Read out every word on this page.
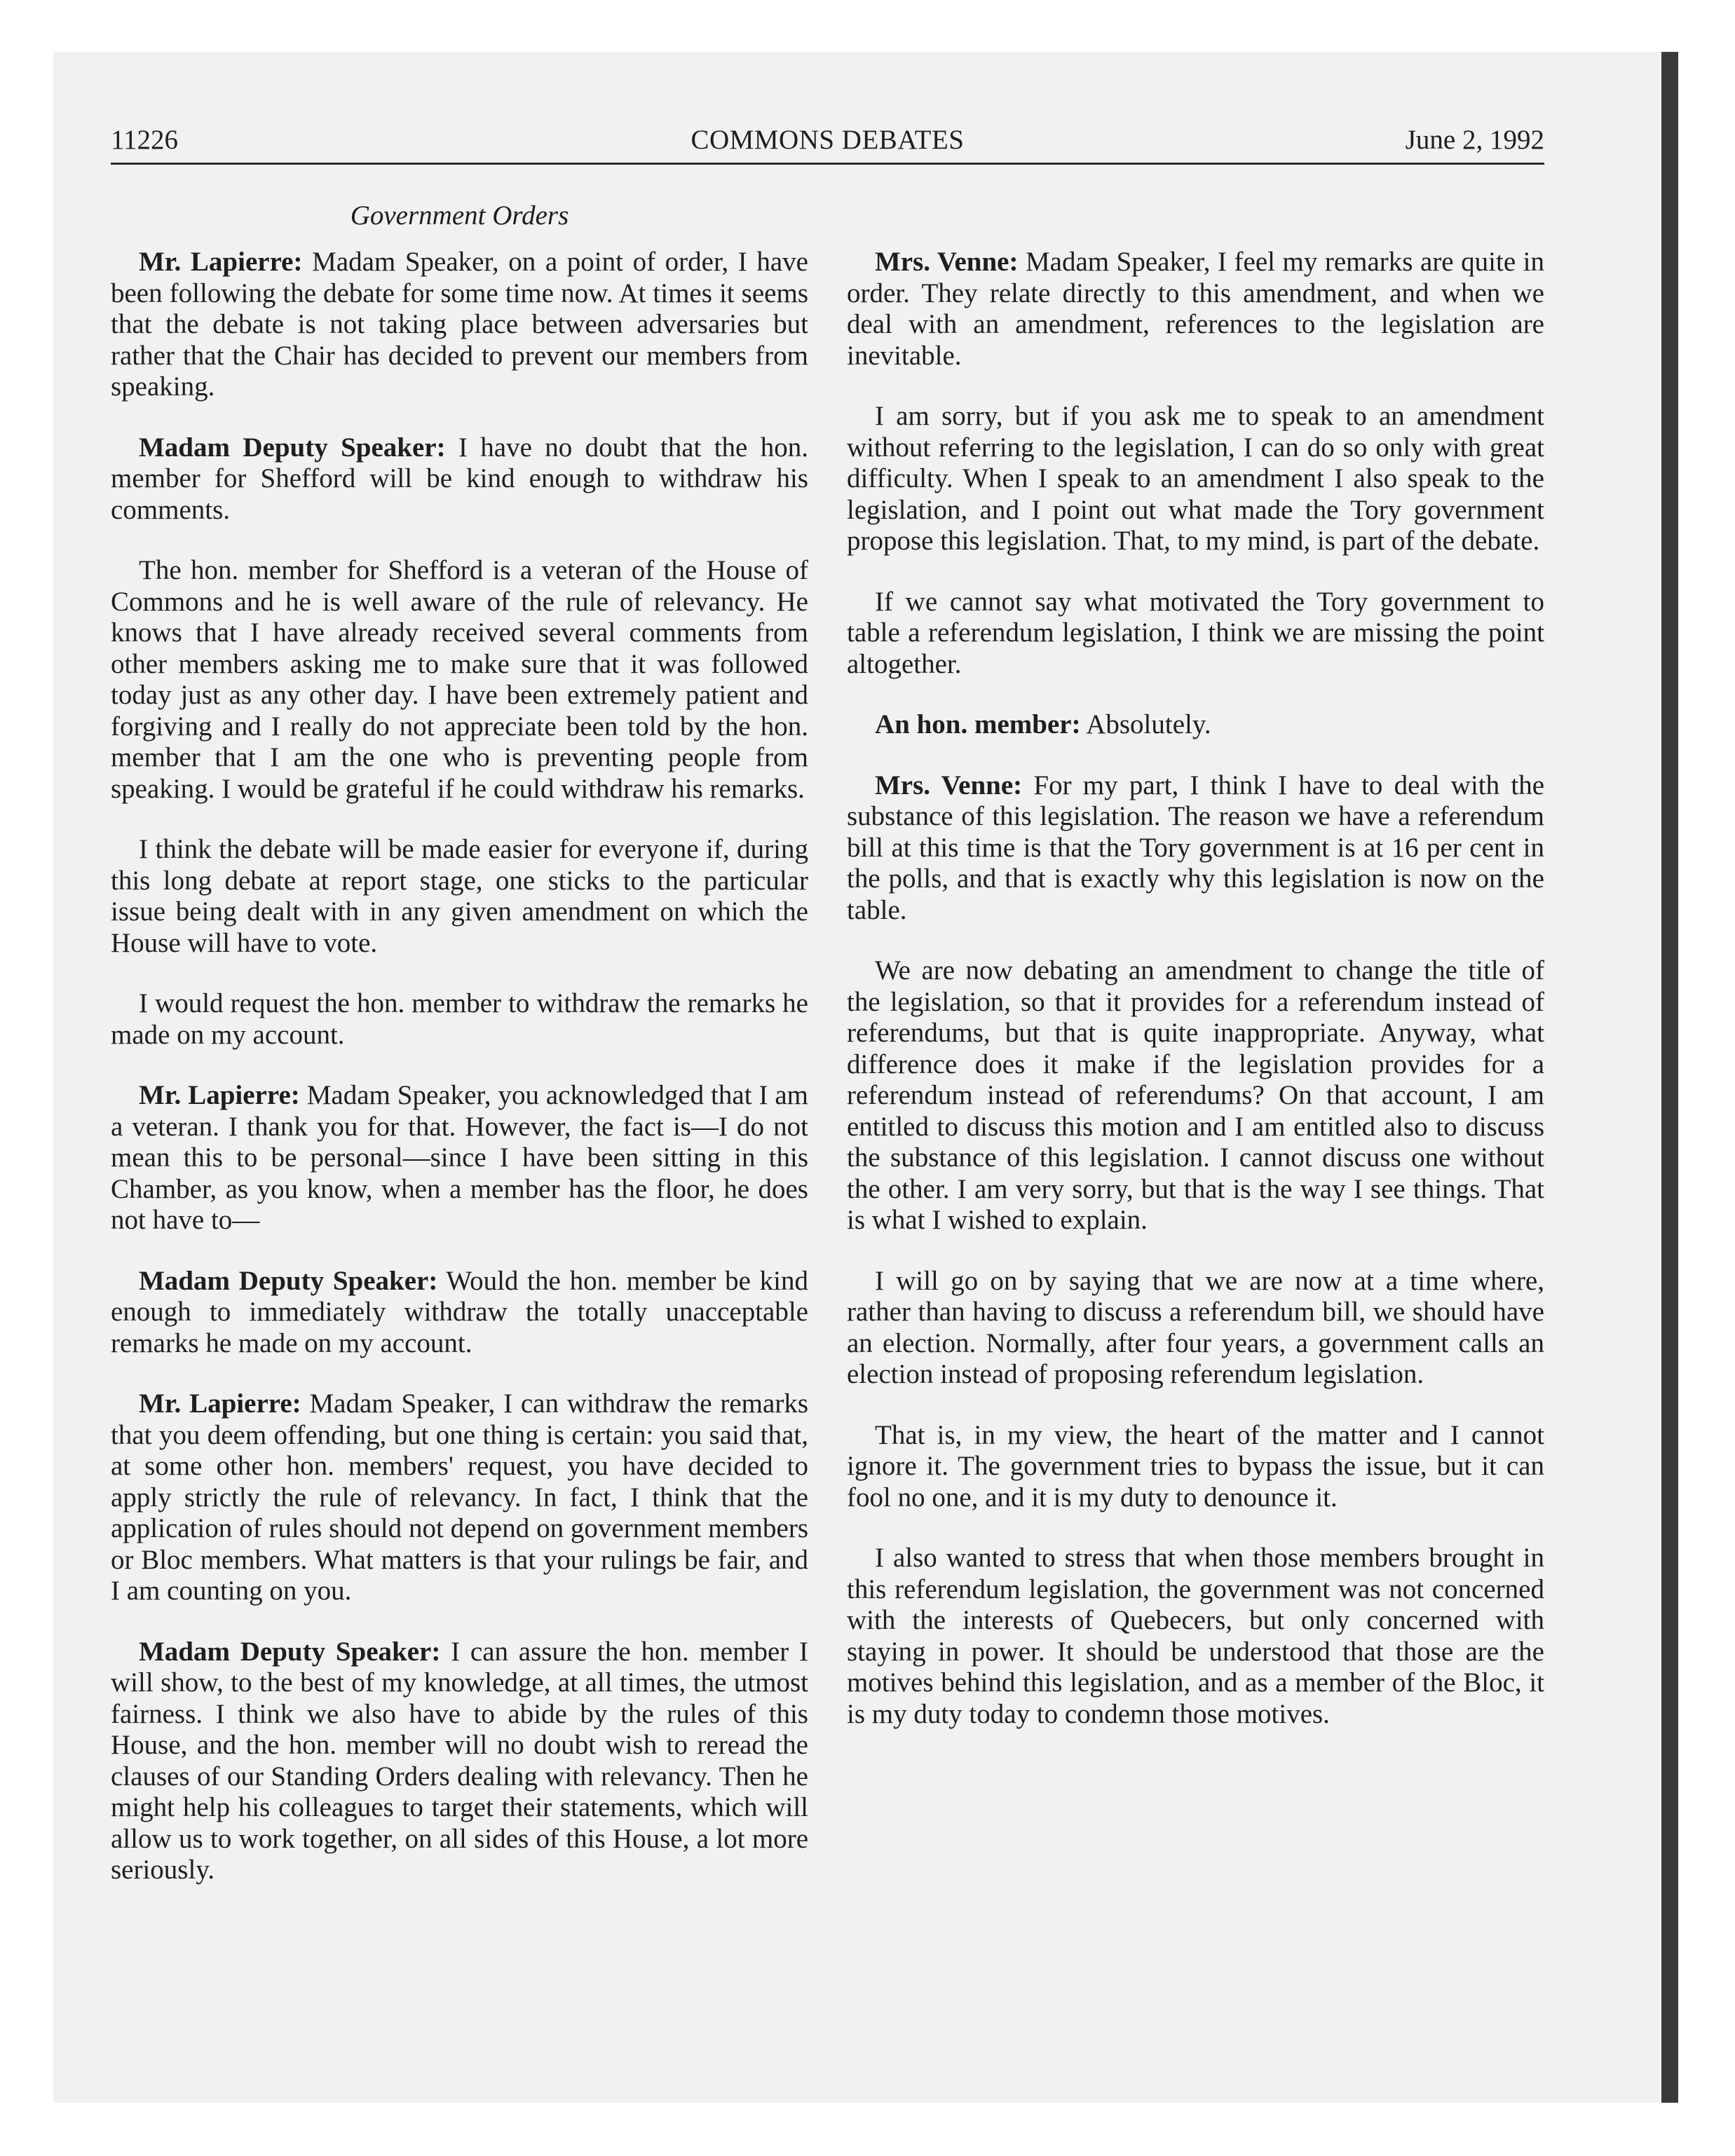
11226	COMMONS DEBATES	June 2, 1992
Government Orders

Mr. Lapierre: Madam Speaker, on a point of order, I have been following the debate for some time now. At times it seems that the debate is not taking place between adversaries but rather that the Chair has decided to prevent our members from speaking.

Madam Deputy Speaker: I have no doubt that the hon. member for Shefford will be kind enough to withdraw his comments.

The hon. member for Shefford is a veteran of the House of Commons and he is well aware of the rule of relevancy. He knows that I have already received several comments from other members asking me to make sure that it was followed today just as any other day. I have been extremely patient and forgiving and I really do not appreciate been told by the hon. member that I am the one who is preventing people from speaking. I would be grateful if he could withdraw his remarks.

I think the debate will be made easier for everyone if, during this long debate at report stage, one sticks to the particular issue being dealt with in any given amendment on which the House will have to vote.

I would request the hon. member to withdraw the remarks he made on my account.

Mr. Lapierre: Madam Speaker, you acknowledged that I am a veteran. I thank you for that. However, the fact is—I do not mean this to be personal—since I have been sitting in this Chamber, as you know, when a member has the floor, he does not have to—

Madam Deputy Speaker: Would the hon. member be kind enough to immediately withdraw the totally unacceptable remarks he made on my account.

Mr. Lapierre: Madam Speaker, I can withdraw the remarks that you deem offending, but one thing is certain: you said that, at some other hon. members' request, you have decided to apply strictly the rule of relevancy. In fact, I think that the application of rules should not depend on government members or Bloc members. What matters is that your rulings be fair, and I am counting on you.

Madam Deputy Speaker: I can assure the hon. member I will show, to the best of my knowledge, at all times, the utmost fairness. I think we also have to abide by the rules of this House, and the hon. member will no doubt wish to reread the clauses of our Standing Orders dealing with relevancy. Then he might help his colleagues to target their statements, which will allow us to work together, on all sides of this House, a lot more seriously.

Mrs. Venne: Madam Speaker, I feel my remarks are quite in order. They relate directly to this amendment, and when we deal with an amendment, references to the legislation are inevitable.

I am sorry, but if you ask me to speak to an amendment without referring to the legislation, I can do so only with great difficulty. When I speak to an amendment I also speak to the legislation, and I point out what made the Tory government propose this legislation. That, to my mind, is part of the debate.

If we cannot say what motivated the Tory government to table a referendum legislation, I think we are missing the point altogether.

An hon. member: Absolutely.

Mrs. Venne: For my part, I think I have to deal with the substance of this legislation. The reason we have a referendum bill at this time is that the Tory government is at 16 per cent in the polls, and that is exactly why this legislation is now on the table.

We are now debating an amendment to change the title of the legislation, so that it provides for a referendum instead of referendums, but that is quite inappropriate. Anyway, what difference does it make if the legislation provides for a referendum instead of referendums? On that account, I am entitled to discuss this motion and I am entitled also to discuss the substance of this legislation. I cannot discuss one without the other. I am very sorry, but that is the way I see things. That is what I wished to explain.

I will go on by saying that we are now at a time where, rather than having to discuss a referendum bill, we should have an election. Normally, after four years, a government calls an election instead of proposing referendum legislation.

That is, in my view, the heart of the matter and I cannot ignore it. The government tries to bypass the issue, but it can fool no one, and it is my duty to denounce it.

I also wanted to stress that when those members brought in this referendum legislation, the government was not concerned with the interests of Quebecers, but only concerned with staying in power. It should be understood that those are the motives behind this legislation, and as a member of the Bloc, it is my duty today to condemn those motives.
